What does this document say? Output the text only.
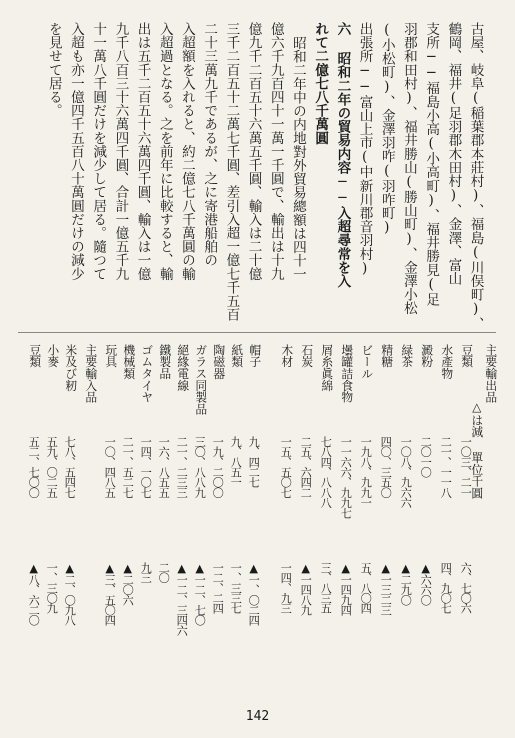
古屋、岐阜(稲葉郡本莊村)、福島(川俣町)、
鶴岡、福井(足羽郡木田村)、金澤、富山
支所──福島小高(小高町)、福井勝見(足
羽郡和田村)、福井勝山(勝山町)、金澤小松
(小松町)、金澤羽咋(羽咋町)
出張所──富山上市(中新川郡音羽村)
六 昭和二年の貿易内容──入超尋常を入
れて二億七八千萬圓
昭和二年中の内地對外貿易總額は四十一
億六千九百四十一萬一千圓で、輸出は十九
億九千二百五十六萬五千圓、輸入は二十億
三千二百五十二萬七千圓、差引入超一億七千五百
二十三萬九千であるが、之に寄港船舶の
入超額を入れると、約二億七八千萬圓の輸
入超過となる。之を前年に比較すると、輸
出は五千二百五十六萬四千圓、輸入は一億
九千八百三十六萬四千圓、合計一億五千九
十一萬八千圓だけを減少して居る。隨つて
入超も亦一億四千五百八十萬圓だけの減少
を見せて居る。
主要輸出品
△は減 單位千圓
豆類
一〇三、二一
六、七〇六
水產物
二一、一一八
四、九〇七
澱粉
二〇一〇
▲六六〇
緑茶
一〇八、九六六
▲二九〇
精糖
四〇、三五〇
▲一三二三
ビール
一九八、九九一
五、八〇四
壜罐詰食物
一一六六、九九七
▲一四九四
屑糸眞綿
七八四、八八八
三、八三五
石炭
二五、六四二
▲一四八九
木材
一五、五〇七
一四、九三
帽子
九、四二七
▲一、〇二四
紙類
九、八五一
一、三三七
陶磁器
一九、二〇〇
一二、二四
ガラス同製品
三〇、八八九
▲一二、七〇
絕緣電線
二一、二三三
▲一二、三四六
鐵製品
一六、八五五
二〇
ゴムタイヤ
一四、一〇七
九三
機械類
二一、五二七
▲二〇六
玩具
一〇、四八五
▲三、五〇四
主要輸入品
米及び籾
七八、五四七
▲二、〇九八
小麥
五九、〇二五
一、三〇九
豆類
五二、七〇〇
▲八、六二〇
142
